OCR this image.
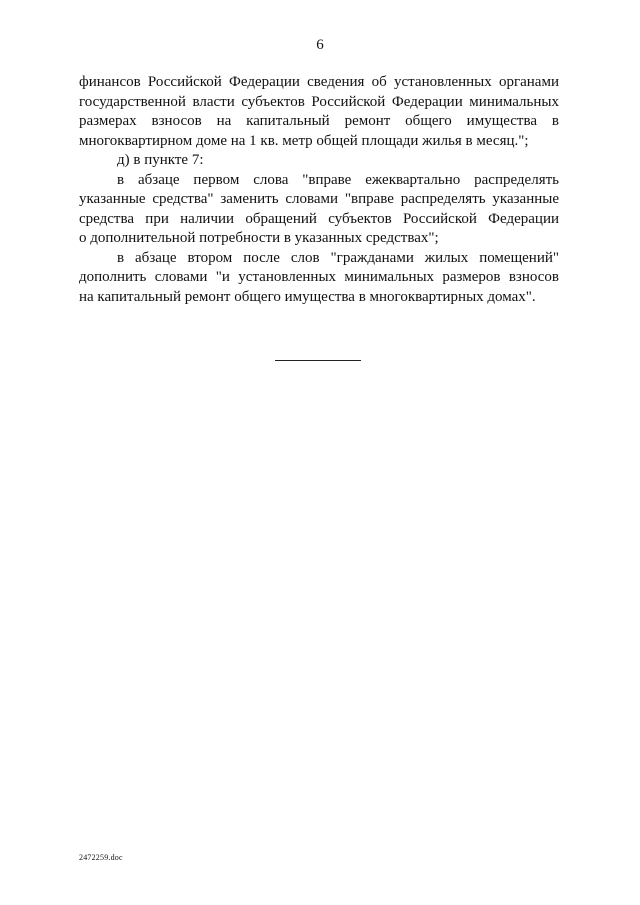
6
финансов Российской Федерации сведения об установленных органами
государственной власти субъектов Российской Федерации минимальных
размерах взносов на капитальный ремонт общего имущества в
многоквартирном доме на 1 кв. метр общей площади жилья в месяц.";
д) в пункте 7:
в абзаце первом слова "вправе ежеквартально распределять
указанные средства" заменить словами "вправе распределять указанные
средства при наличии обращений субъектов Российской Федерации
о дополнительной потребности в указанных средствах";
в абзаце втором после слов "гражданами жилых помещений"
дополнить словами "и установленных минимальных размеров взносов
на капитальный ремонт общего имущества в многоквартирных домах".
2472259.doc
